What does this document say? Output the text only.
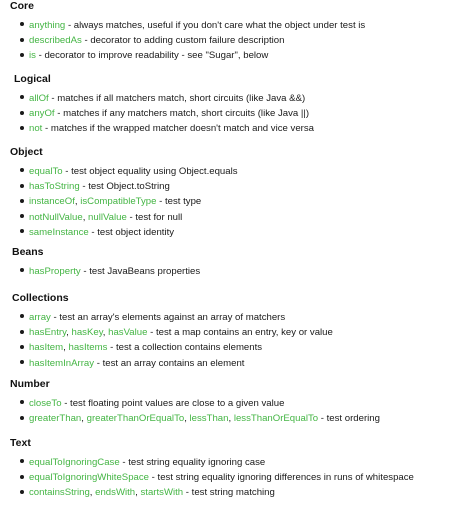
Core
anything - always matches, useful if you don't care what the object under test is
describedAs - decorator to adding custom failure description
is - decorator to improve readability - see "Sugar", below
Logical
allOf - matches if all matchers match, short circuits (like Java &&)
anyOf - matches if any matchers match, short circuits (like Java ||)
not - matches if the wrapped matcher doesn't match and vice versa
Object
equalTo - test object equality using Object.equals
hasToString - test Object.toString
instanceOf, isCompatibleType - test type
notNullValue, nullValue - test for null
sameInstance - test object identity
Beans
hasProperty - test JavaBeans properties
Collections
array - test an array's elements against an array of matchers
hasEntry, hasKey, hasValue - test a map contains an entry, key or value
hasItem, hasItems - test a collection contains elements
hasItemInArray - test an array contains an element
Number
closeTo - test floating point values are close to a given value
greaterThan, greaterThanOrEqualTo, lessThan, lessThanOrEqualTo - test ordering
Text
equalToIgnoringCase - test string equality ignoring case
equalToIgnoringWhiteSpace - test string equality ignoring differences in runs of whitespace
containsString, endsWith, startsWith - test string matching
